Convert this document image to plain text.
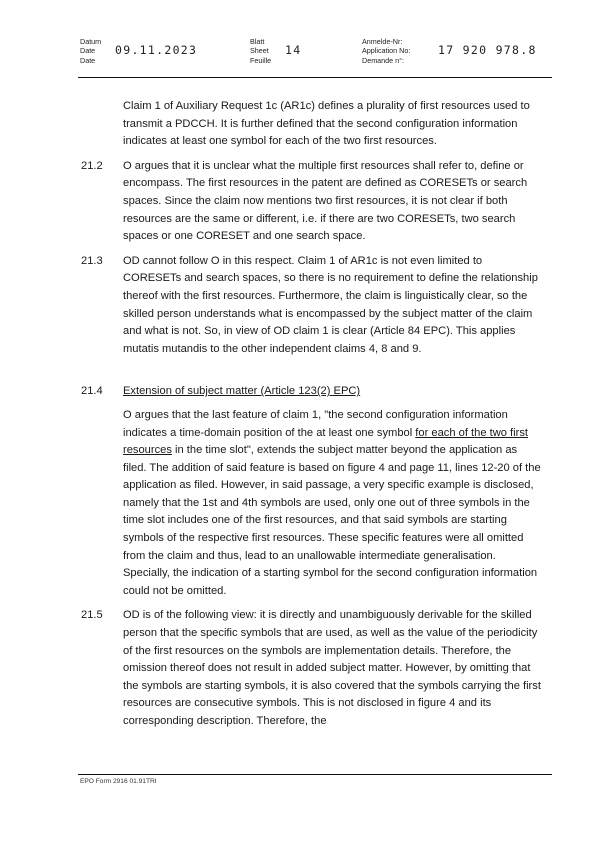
Datum
Date
Date
09.11.2023
Blatt
Sheet
Feuille
14
Anmelde-Nr:
Application No:
Demande n°:
17 920 978.8

Claim 1 of Auxiliary Request 1c (AR1c) defines a plurality of first resources used to transmit a PDCCH. It is further defined that the second configuration information indicates at least one symbol for each of the two first resources.

21.2	O argues that it is unclear what the multiple first resources shall refer to, define or encompass. The first resources in the patent are defined as CORESETs or search spaces. Since the claim now mentions two first resources, it is not clear if both resources are the same or different, i.e. if there are two CORESETs, two search spaces or one CORESET and one search space.

21.3	OD cannot follow O in this respect. Claim 1 of AR1c is not even limited to CORESETs and search spaces, so there is no requirement to define the relationship thereof with the first resources. Furthermore, the claim is linguistically clear, so the skilled person understands what is encompassed by the subject matter of the claim and what is not. So, in view of OD claim 1 is clear (Article 84 EPC). This applies mutatis mutandis to the other independent claims 4, 8 and 9.

21.4	Extension of subject matter (Article 123(2) EPC)

O argues that the last feature of claim 1, "the second configuration information indicates a time-domain position of the at least one symbol for each of the two first resources in the time slot", extends the subject matter beyond the application as filed. The addition of said feature is based on figure 4 and page 11, lines 12-20 of the application as filed. However, in said passage, a very specific example is disclosed, namely that the 1st and 4th symbols are used, only one out of three symbols in the time slot includes one of the first resources, and that said symbols are starting symbols of the respective first resources. These specific features were all omitted from the claim and thus, lead to an unallowable intermediate generalisation. Specially, the indication of a starting symbol for the second configuration information could not be omitted.

21.5	OD is of the following view: it is directly and unambiguously derivable for the skilled person that the specific symbols that are used, as well as the value of the periodicity of the first resources on the symbols are implementation details. Therefore, the omission thereof does not result in added subject matter. However, by omitting that the symbols are starting symbols, it is also covered that the symbols carrying the first resources are consecutive symbols. This is not disclosed in figure 4 and its corresponding description. Therefore, the

EPO Form 2916 01.91TRI
